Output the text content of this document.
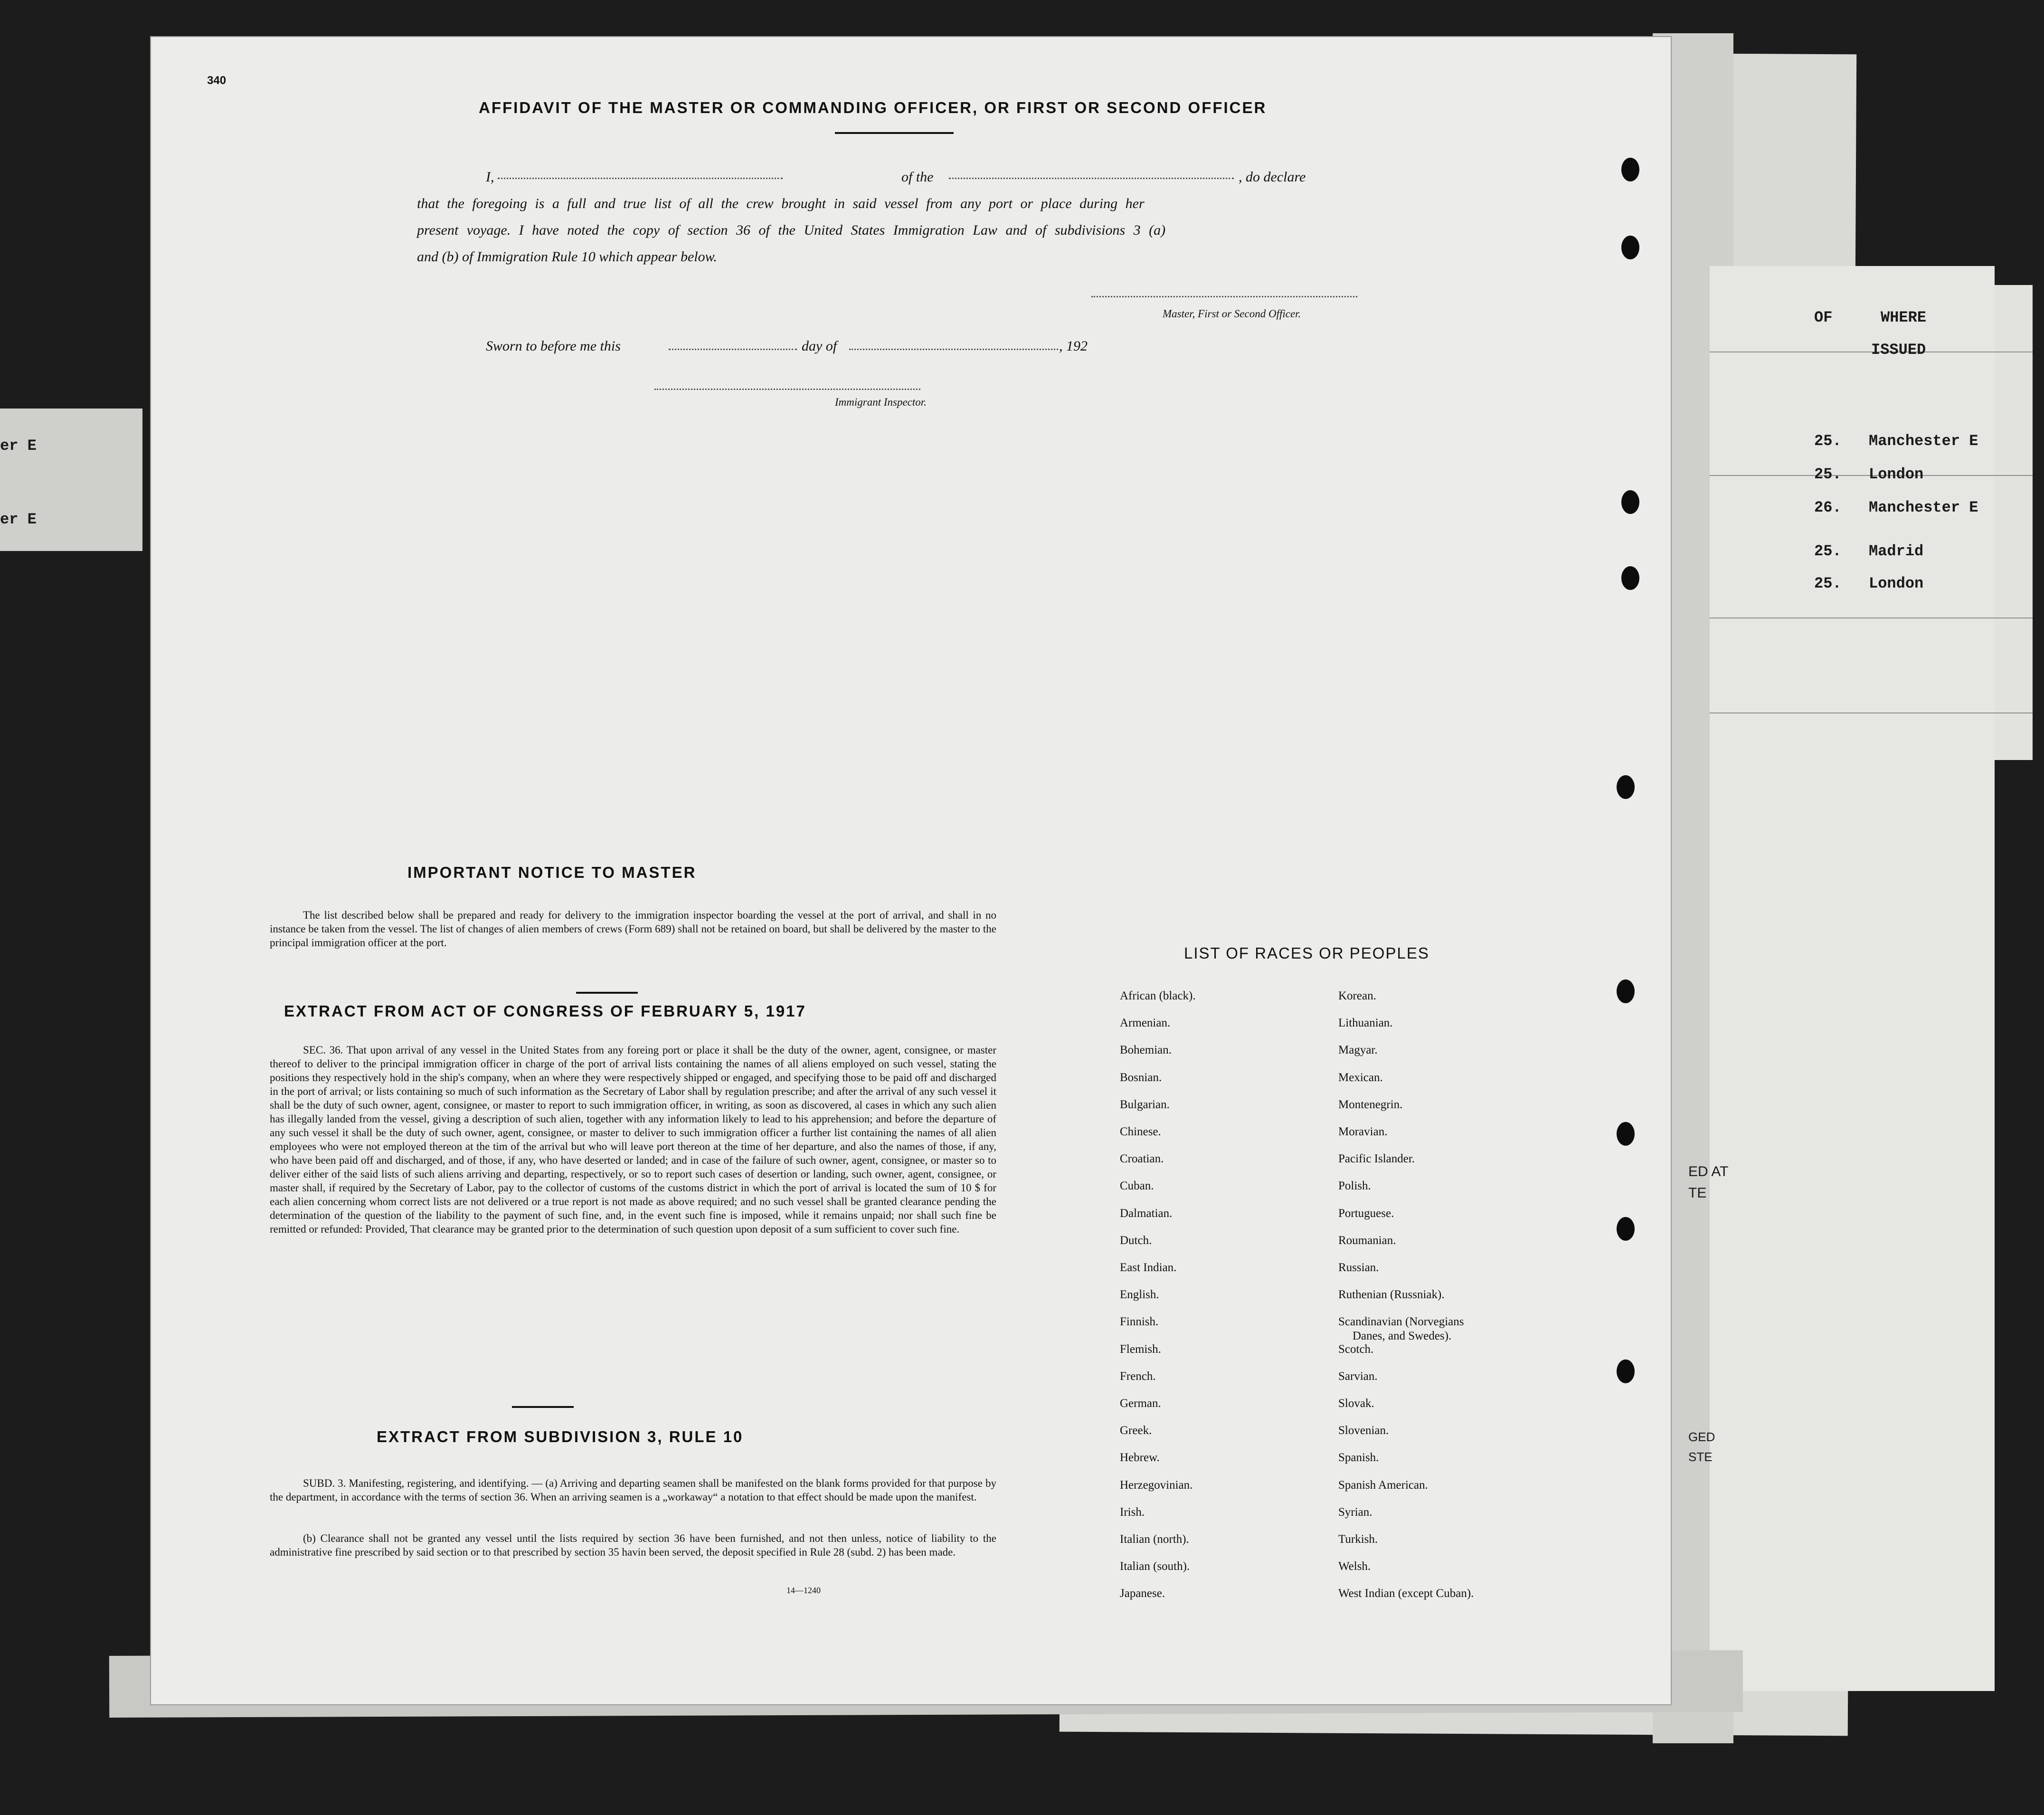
OF	WHERE
ISSUED
25. Manchester E
25. London
26. Manchester E
25. Madrid
25. London
er E
er E
ED AT
TE
GED
STE
340
AFFIDAVIT OF THE MASTER OR COMMANDING OFFICER, OR FIRST OR SECOND OFFICER
I,	of the	, do declare
that the foregoing is a full and true list of all the crew brought in said vessel from any port or place during her
present voyage. I have noted the copy of section 36 of the United States Immigration Law and of subdivisions 3 (a)
and (b) of Immigration Rule 10 which appear below.
Master, First or Second Officer.
Sworn to before me this	day of	, 192
Immigrant Inspector.
IMPORTANT NOTICE TO MASTER
The list described below shall be prepared and ready for delivery to the immigration inspector boarding the vessel at the port of arrival, and shall in no instance be taken from the vessel. The list of changes of alien members of crews (Form 689) shall not be retained on board, but shall be delivered by the master to the principal immigration officer at the port.
EXTRACT FROM ACT OF CONGRESS OF FEBRUARY 5, 1917
SEC. 36. That upon arrival of any vessel in the United States from any foreing port or place it shall be the duty of the owner, agent, consignee, or master thereof to deliver to the principal immigration officer in charge of the port of arrival lists containing the names of all aliens employed on such vessel, stating the positions they respectively hold in the ship's company, when an where they were respectively shipped or engaged, and specifying those to be paid off and discharged in the port of arrival; or lists containing so much of such information as the Secretary of Labor shall by regulation prescribe; and after the arrival of any such vessel it shall be the duty of such owner, agent, consignee, or master to report to such immigration officer, in writing, as soon as discovered, al cases in which any such alien has illegally landed from the vessel, giving a description of such alien, together with any information likely to lead to his apprehension; and before the departure of any such vessel it shall be the duty of such owner, agent, consignee, or master to deliver to such immigration officer a further list containing the names of all alien employees who were not employed thereon at the tim of the arrival but who will leave port thereon at the time of her departure, and also the names of those, if any, who have been paid off and discharged, and of those, if any, who have deserted or landed; and in case of the failure of such owner, agent, consignee, or master so to deliver either of the said lists of such aliens arriving and departing, respectively, or so to report such cases of desertion or landing, such owner, agent, consignee, or master shall, if required by the Secretary of Labor, pay to the collector of customs of the customs district in which the port of arrival is located the sum of 10 $ for each alien concerning whom correct lists are not delivered or a true report is not made as above required; and no such vessel shall be granted clearance pending the determination of the question of the liability to the payment of such fine, and, in the event such fine is imposed, while it remains unpaid; nor shall such fine be remitted or refunded: Provided, That clearance may be granted prior to the determination of such question upon deposit of a sum sufficient to cover such fine.
EXTRACT FROM SUBDIVISION 3, RULE 10
SUBD. 3. Manifesting, registering, and identifying. — (a) Arriving and departing seamen shall be manifested on the blank forms provided for that purpose by the department, in accordance with the terms of section 36. When an arriving seamen is a „workaway“ a notation to that effect should be made upon the manifest.
(b) Clearance shall not be granted any vessel until the lists required by section 36 have been furnished, and not then unless, notice of liability to the administrative fine prescribed by said section or to that prescribed by section 35 havin been served, the deposit specified in Rule 28 (subd. 2) has been made.
14—1240
LIST OF RACES OR PEOPLES
African (black).
Armenian.
Bohemian.
Bosnian.
Bulgarian.
Chinese.
Croatian.
Cuban.
Dalmatian.
Dutch.
East Indian.
English.
Finnish.
Flemish.
French.
German.
Greek.
Hebrew.
Herzegovinian.
Irish.
Italian (north).
Italian (south).
Japanese.
Korean.
Lithuanian.
Magyar.
Mexican.
Montenegrin.
Moravian.
Pacific Islander.
Polish.
Portuguese.
Roumanian.
Russian.
Ruthenian (Russniak).
Scandinavian (Norvegians
Danes, and Swedes).
Scotch.
Sarvian.
Slovak.
Slovenian.
Spanish.
Spanish American.
Syrian.
Turkish.
Welsh.
West Indian (except Cuban).
